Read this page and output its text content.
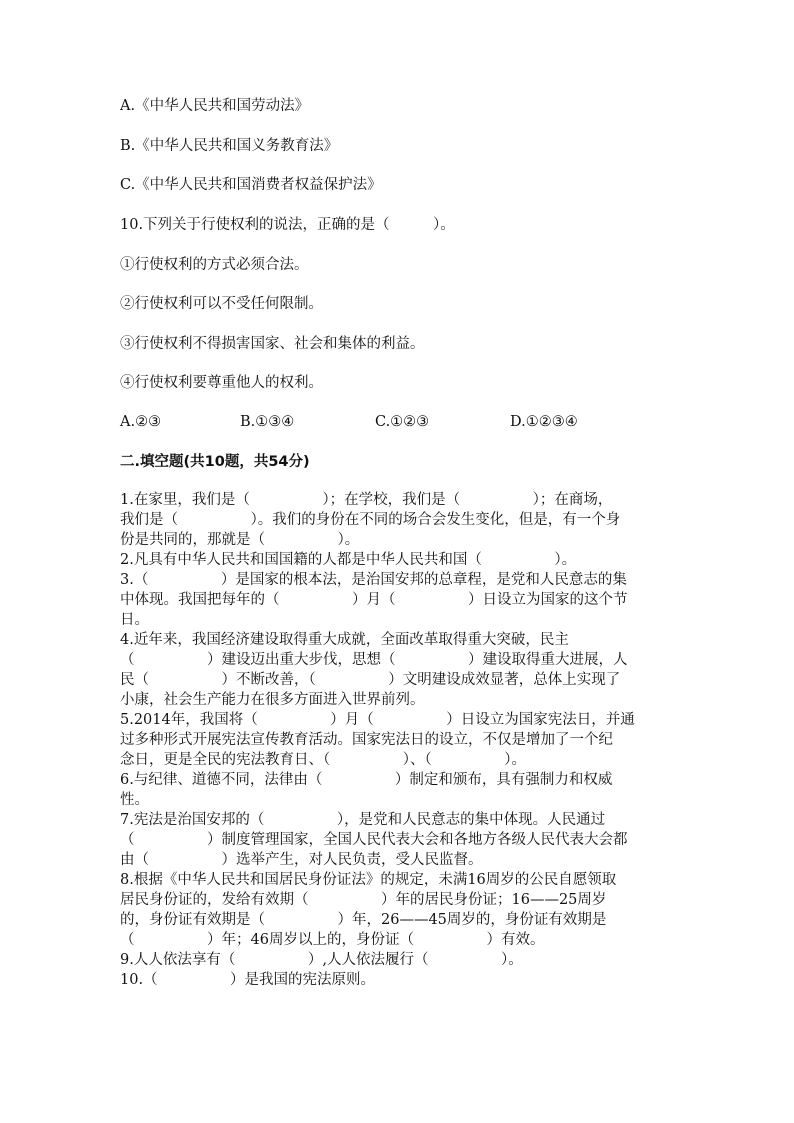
A.《中华人民共和国劳动法》
B.《中华人民共和国义务教育法》
C.《中华人民共和国消费者权益保护法》
10.下列关于行使权利的说法，正确的是（　　　）。
①行使权利的方式必须合法。
②行使权利可以不受任何限制。
③行使权利不得损害国家、社会和集体的利益。
④行使权利要尊重他人的权利。
A.②③	B.①③④	C.①②③	D.①②③④
二.填空题(共10题，共54分)
1.在家里，我们是（　　　　　）；在学校，我们是（　　　　　）；在商场，
我们是（　　　　　）。我们的身份在不同的场合会发生变化，但是，有一个身
份是共同的，那就是（　　　　　）。
2.凡具有中华人民共和国国籍的人都是中华人民共和国（　　　　　）。
3.（　　　　　）是国家的根本法，是治国安邦的总章程，是党和人民意志的集
中体现。我国把每年的（　　　　　）月（　　　　　）日设立为国家的这个节
日。
4.近年来，我国经济建设取得重大成就，全面改革取得重大突破，民主
（　　　　　）建设迈出重大步伐，思想（　　　　　）建设取得重大进展，人
民（　　　　　）不断改善，（　　　　　）文明建设成效显著，总体上实现了
小康，社会生产能力在很多方面进入世界前列。
5.2014年，我国将（　　　　　）月（　　　　　）日设立为国家宪法日，并通
过多种形式开展宪法宣传教育活动。国家宪法日的设立，不仅是增加了一个纪
念日，更是全民的宪法教育日、（　　　　　）、（　　　　　）。
6.与纪律、道德不同，法律由（　　　　　）制定和颁布，具有强制力和权威
性。
7.宪法是治国安邦的（　　　　　），是党和人民意志的集中体现。人民通过
（　　　　　）制度管理国家，全国人民代表大会和各地方各级人民代表大会都
由（　　　　　）选举产生，对人民负责，受人民监督。
8.根据《中华人民共和国居民身份证法》的规定，未满16周岁的公民自愿领取
居民身份证的，发给有效期（　　　　　）年的居民身份证；16——25周岁
的，身份证有效期是（　　　　　）年，26——45周岁的，身份证有效期是
（　　　　　）年；46周岁以上的，身份证（　　　　　）有效。
9.人人依法享有（　　　　　）,人人依法履行（　　　　　）。
10.（　　　　　）是我国的宪法原则。
